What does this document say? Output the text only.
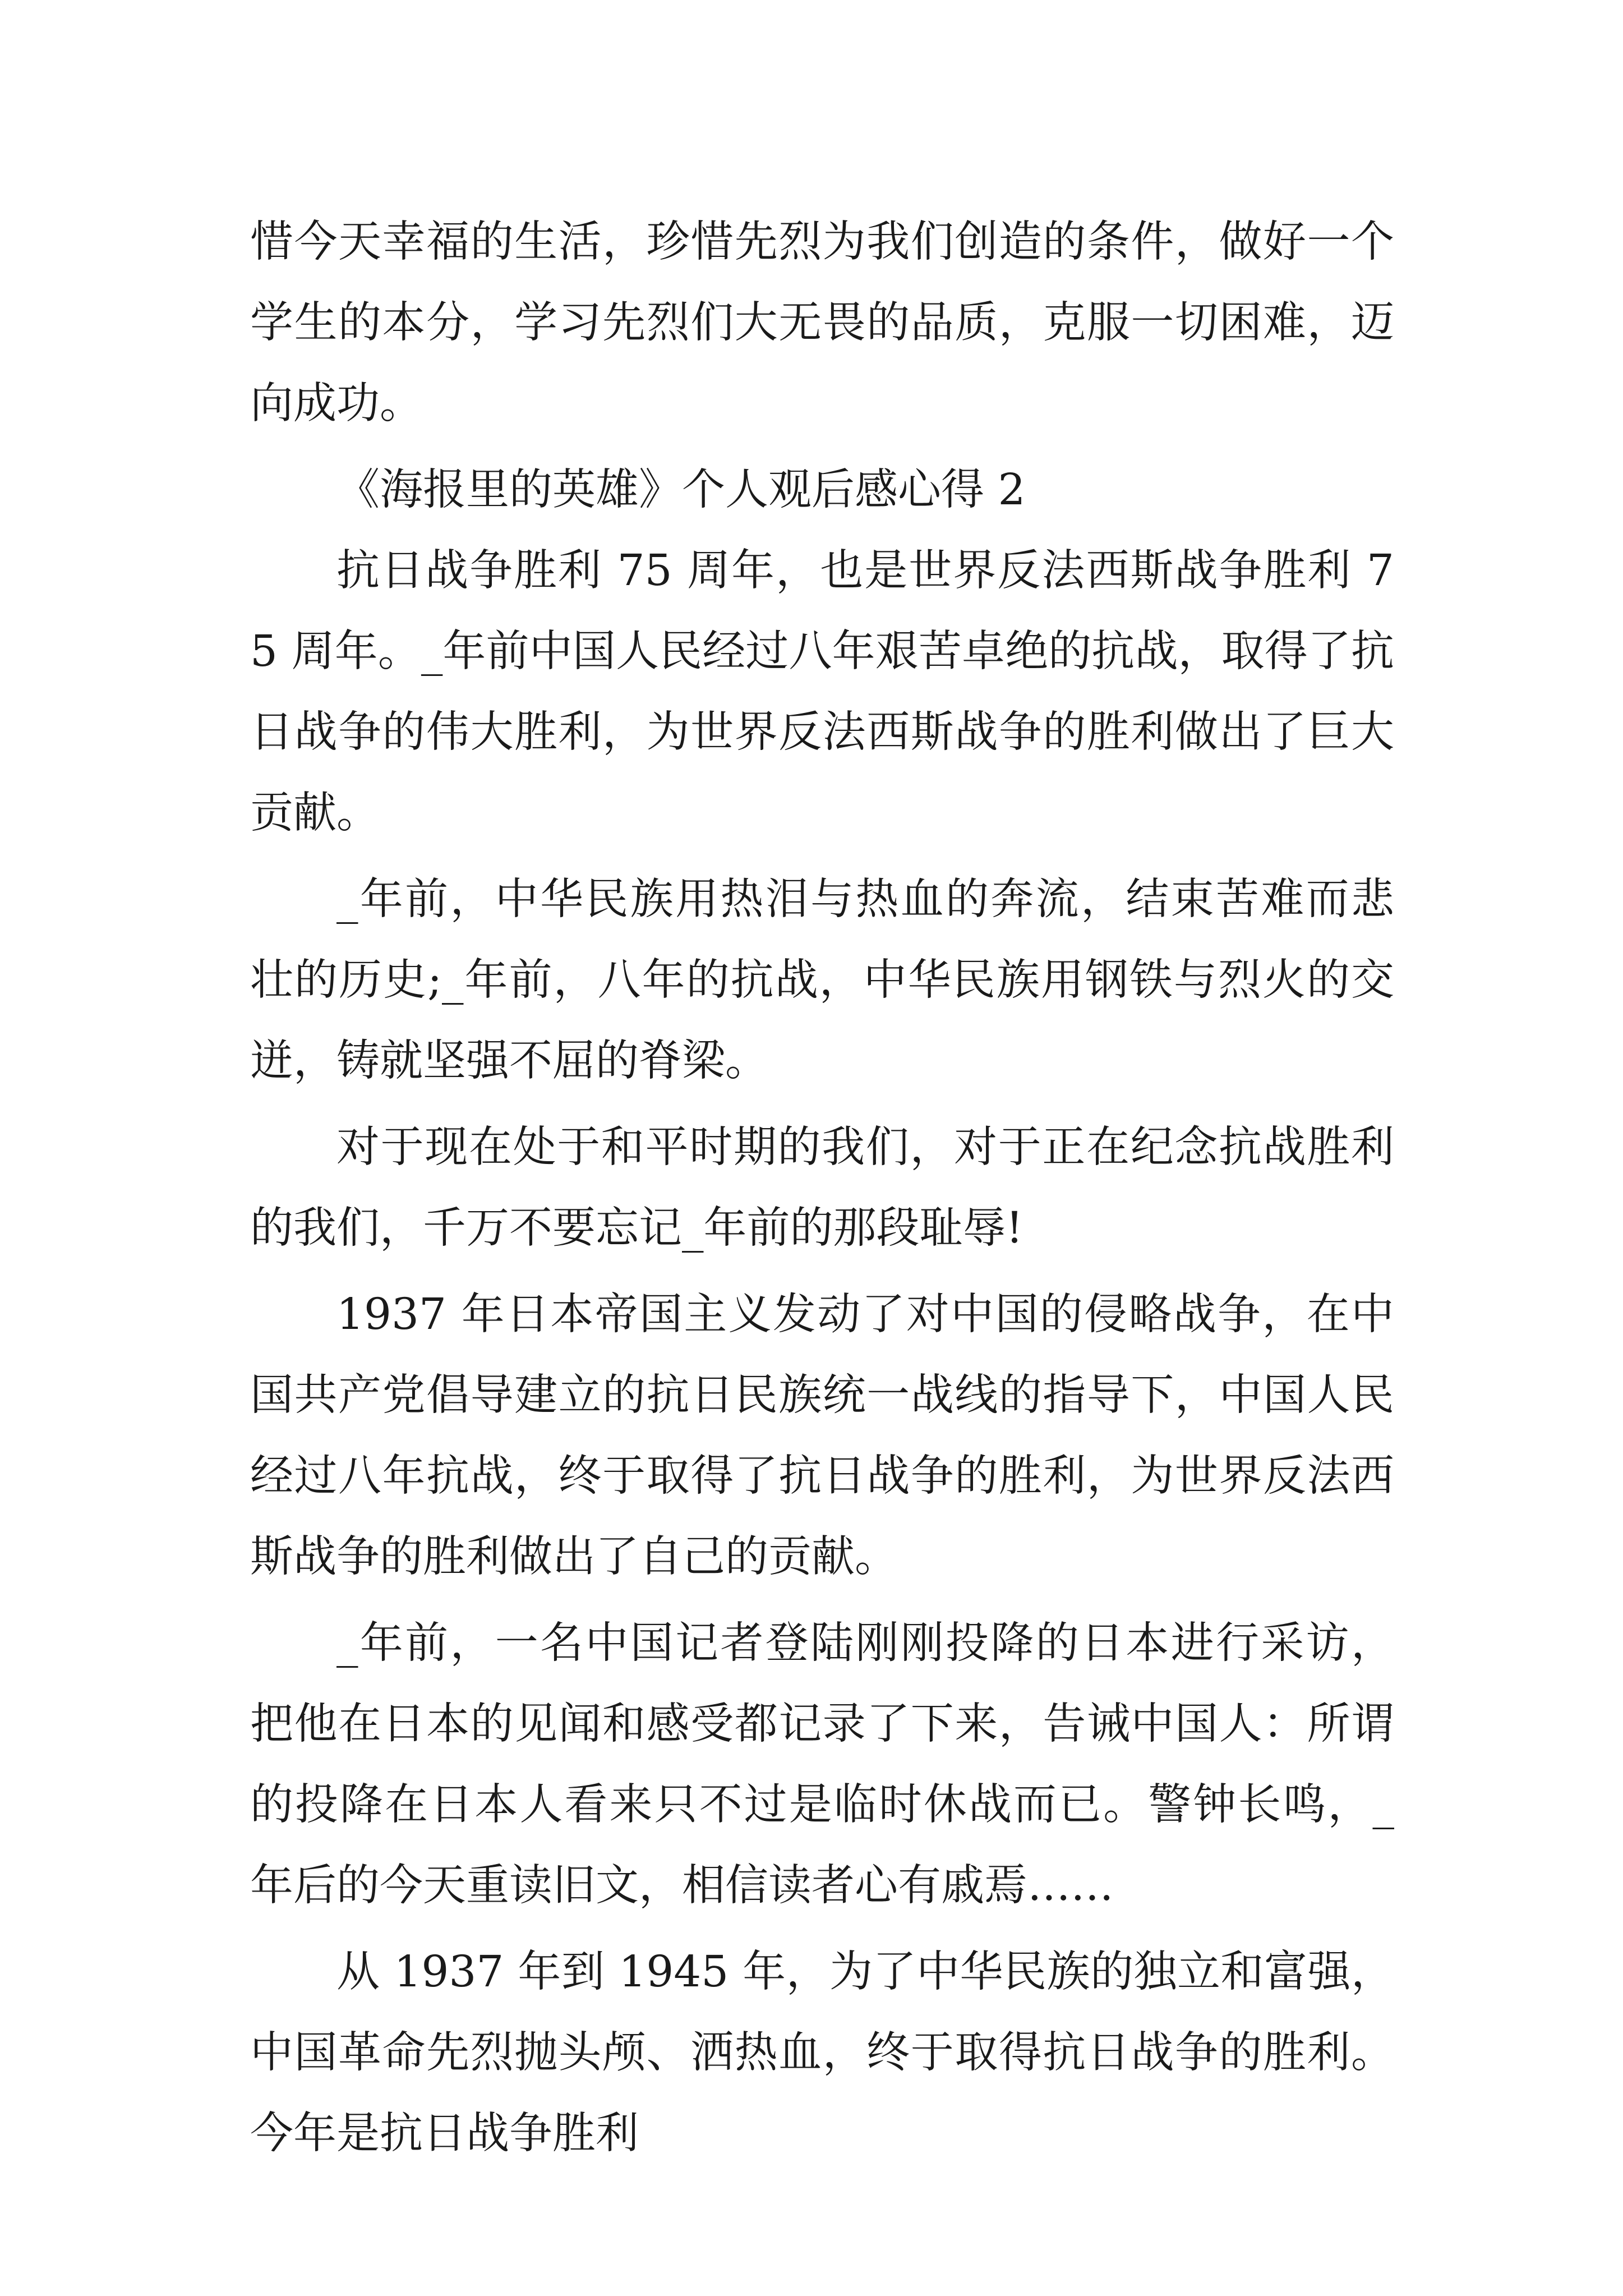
惜今天幸福的生活，珍惜先烈为我们创造的条件，做好一个学生的本分，学习先烈们大无畏的品质，克服一切困难，迈向成功。

《海报里的英雄》个人观后感心得 2

抗日战争胜利 75 周年，也是世界反法西斯战争胜利 75 周年。_年前中国人民经过八年艰苦卓绝的抗战，取得了抗日战争的伟大胜利，为世界反法西斯战争的胜利做出了巨大贡献。

_年前，中华民族用热泪与热血的奔流，结束苦难而悲壮的历史;_年前，八年的抗战，中华民族用钢铁与烈火的交迸，铸就坚强不屈的脊梁。

对于现在处于和平时期的我们，对于正在纪念抗战胜利的我们，千万不要忘记_年前的那段耻辱!

1937 年日本帝国主义发动了对中国的侵略战争，在中国共产党倡导建立的抗日民族统一战线的指导下，中国人民经过八年抗战，终于取得了抗日战争的胜利，为世界反法西斯战争的胜利做出了自己的贡献。

_年前，一名中国记者登陆刚刚投降的日本进行采访，把他在日本的见闻和感受都记录了下来，告诫中国人：所谓的投降在日本人看来只不过是临时休战而已。警钟长鸣，_年后的今天重读旧文，相信读者心有戚焉……

从 1937 年到 1945 年，为了中华民族的独立和富强，中国革命先烈抛头颅、洒热血，终于取得抗日战争的胜利。今年是抗日战争胜利
